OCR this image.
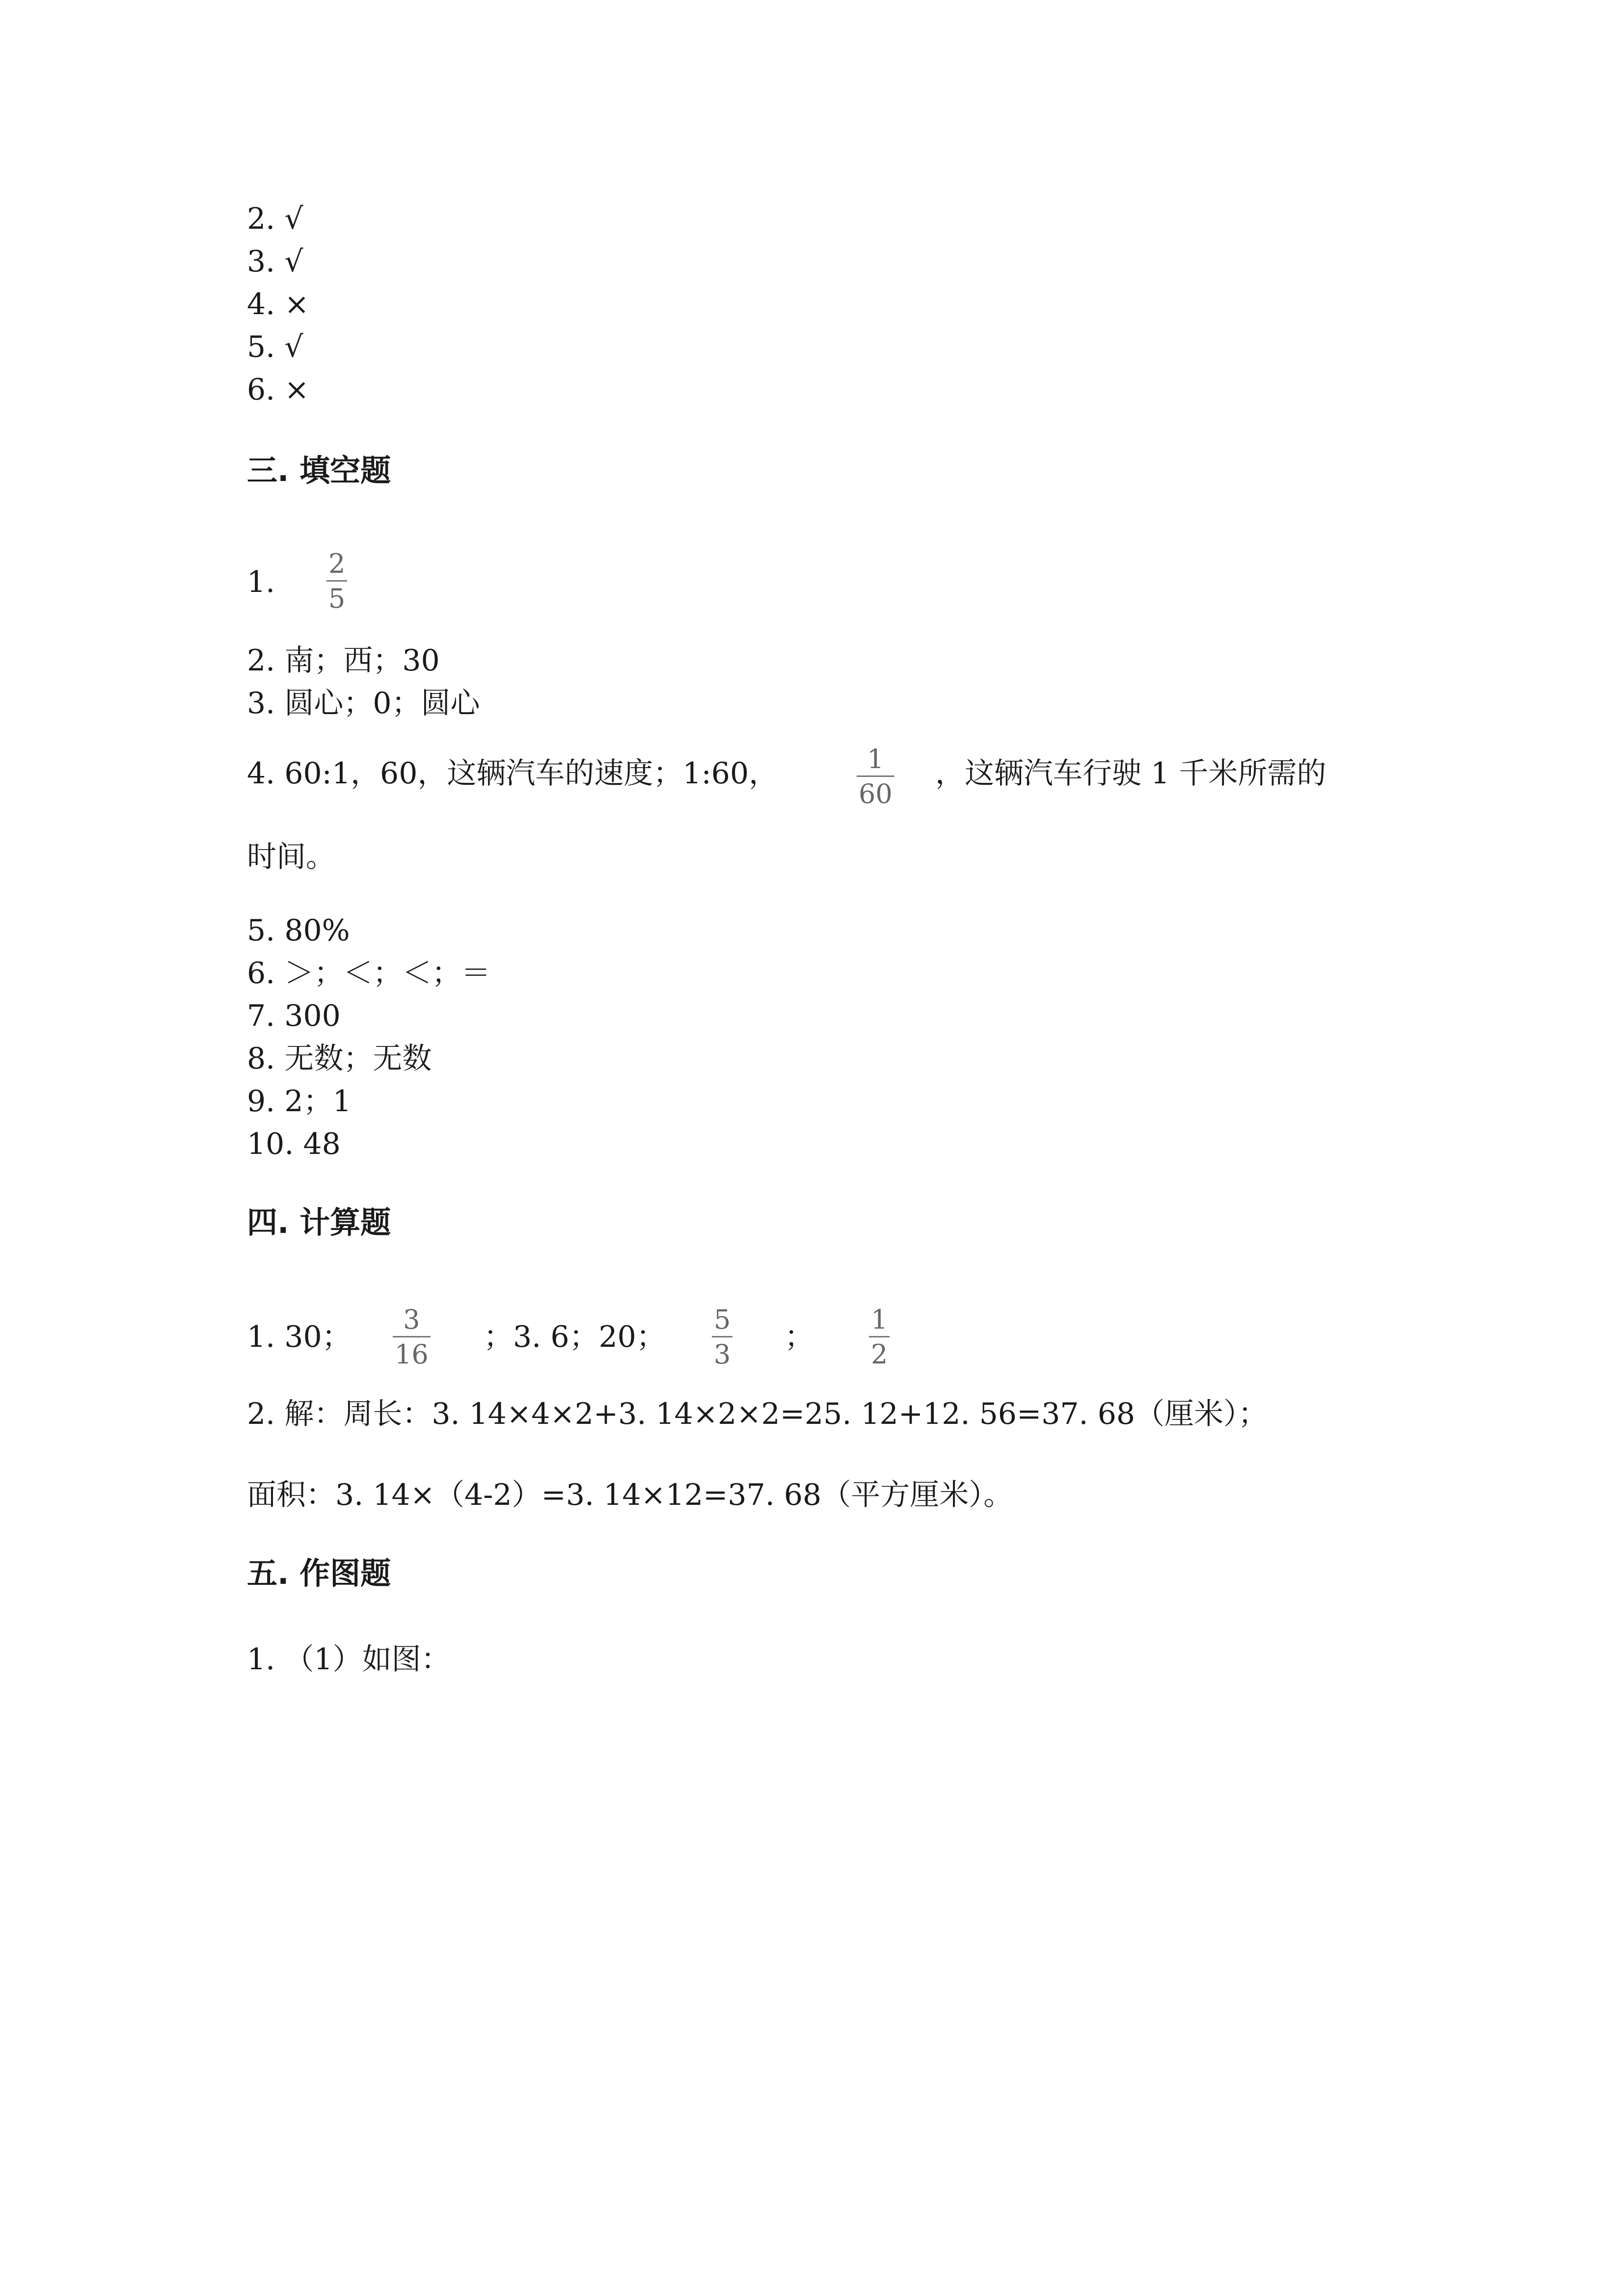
2. √
3. √
4. ×
5. √
6. ×
三. 填空题
1.
2
5
2. 南；西；30
3. 圆心；0；圆心
4. 60:1，60，这辆汽车的速度；1:60，	1
60
，这辆汽车行驶 1 千米所需的
时间。
5. 80%
6. ＞；＜；＜；＝
7. 300
8. 无数；无数
9. 2；1
10. 48
四. 计算题
1. 30；
3
16
；3. 6；20；
5
3
；
1
2
2. 解：周长：3. 14×4×2+3. 14×2×2=25. 12+12. 56=37. 68（厘米）；
面积：3. 14×（4-2）=3. 14×12=37. 68（平方厘米）。
五. 作图题
1. （1）如图：
